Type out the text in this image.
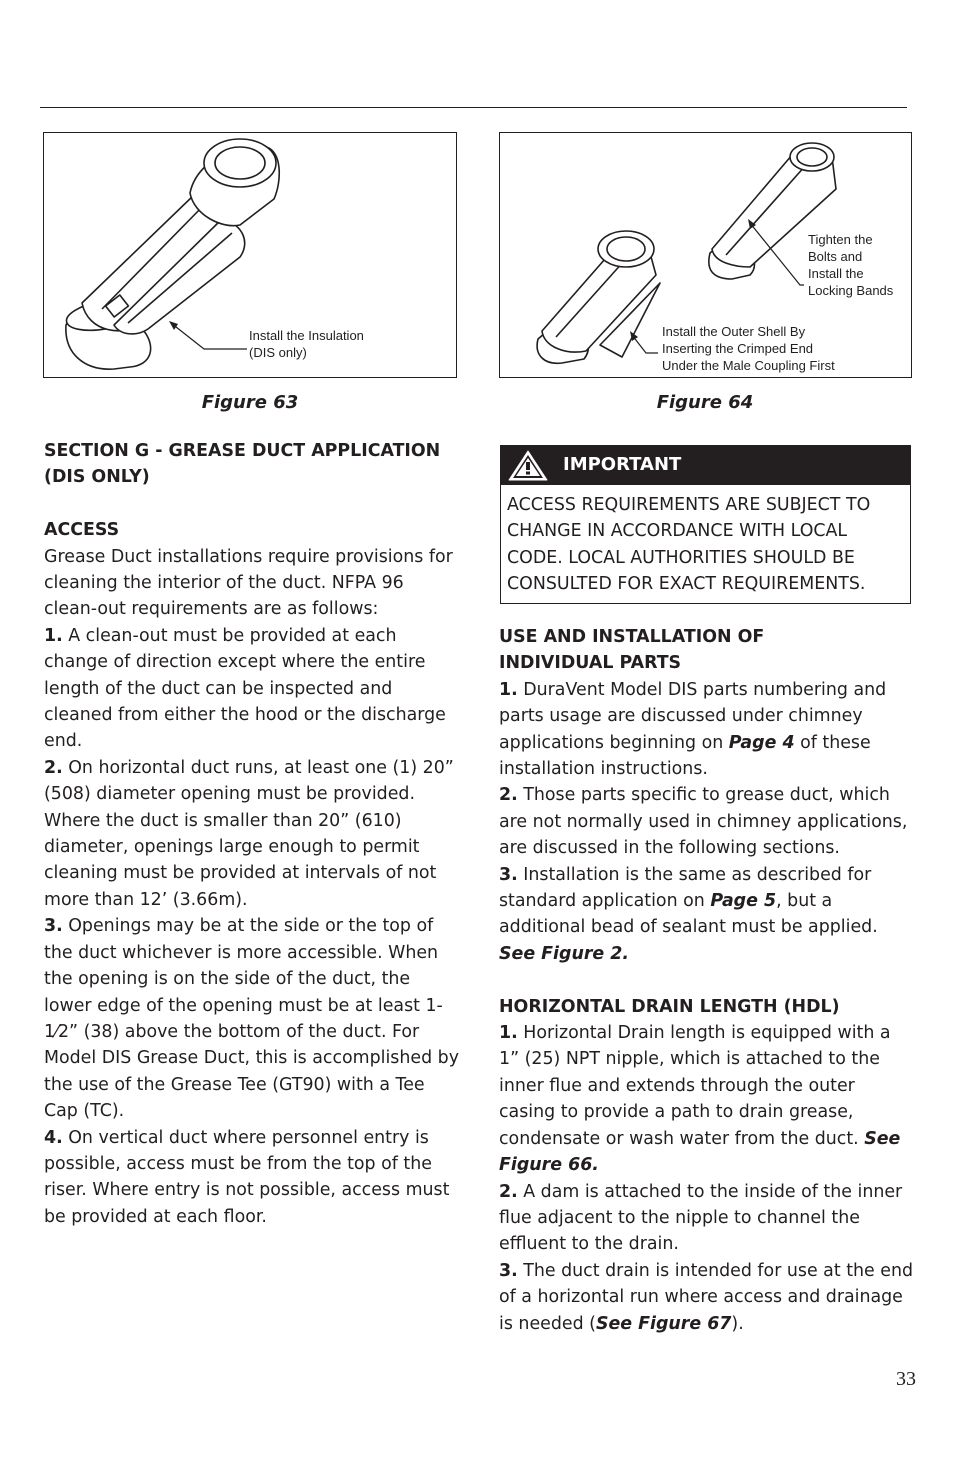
Install the Insulation
(DIS only)
Figure 63
Tighten the
Bolts and
Install the
Locking Bands
Install the Outer Shell By
Inserting the Crimped End
Under the Male Coupling First
Figure 64

SECTION G - GREASE DUCT APPLICATION
(DIS ONLY)

ACCESS

Grease Duct installations require provisions for cleaning the interior of the duct. NFPA 96 clean-out requirements are as follows:

1. A clean-out must be provided at each change of direction except where the entire length of the duct can be inspected and cleaned from either the hood or the discharge end.

2. On horizontal duct runs, at least one (1) 20” (508) diameter opening must be provided. Where the duct is smaller than 20” (610) diameter, openings large enough to permit cleaning must be provided at intervals of not more than 12’ (3.66m).

3. Openings may be at the side or the top of the duct whichever is more accessible. When the opening is on the side of the duct, the lower edge of the opening must be at least 1-1⁄2” (38) above the bottom of the duct. For Model DIS Grease Duct, this is accomplished by the use of the Grease Tee (GT90) with a Tee Cap (TC).

4. On vertical duct where personnel entry is possible, access must be from the top of the riser. Where entry is not possible, access must be provided at each floor.

IMPORTANT
ACCESS REQUIREMENTS ARE SUBJECT TO
CHANGE IN ACCORDANCE WITH LOCAL
CODE. LOCAL AUTHORITIES SHOULD BE
CONSULTED FOR EXACT REQUIREMENTS.

USE AND INSTALLATION OF
INDIVIDUAL PARTS

1. DuraVent Model DIS parts numbering and parts usage are discussed under chimney applications beginning on Page 4 of these installation instructions.

2. Those parts specific to grease duct, which are not normally used in chimney applications, are discussed in the following sections.

3. Installation is the same as described for standard application on Page 5, but a additional bead of sealant must be applied. See Figure 2.

HORIZONTAL DRAIN LENGTH (HDL)

1. Horizontal Drain length is equipped with a 1” (25) NPT nipple, which is attached to the inner flue and extends through the outer casing to provide a path to drain grease, condensate or wash water from the duct. See Figure 66.

2. A dam is attached to the inside of the inner flue adjacent to the nipple to channel the effluent to the drain.

3. The duct drain is intended for use at the end of a horizontal run where access and drainage is needed (See Figure 67).

33
